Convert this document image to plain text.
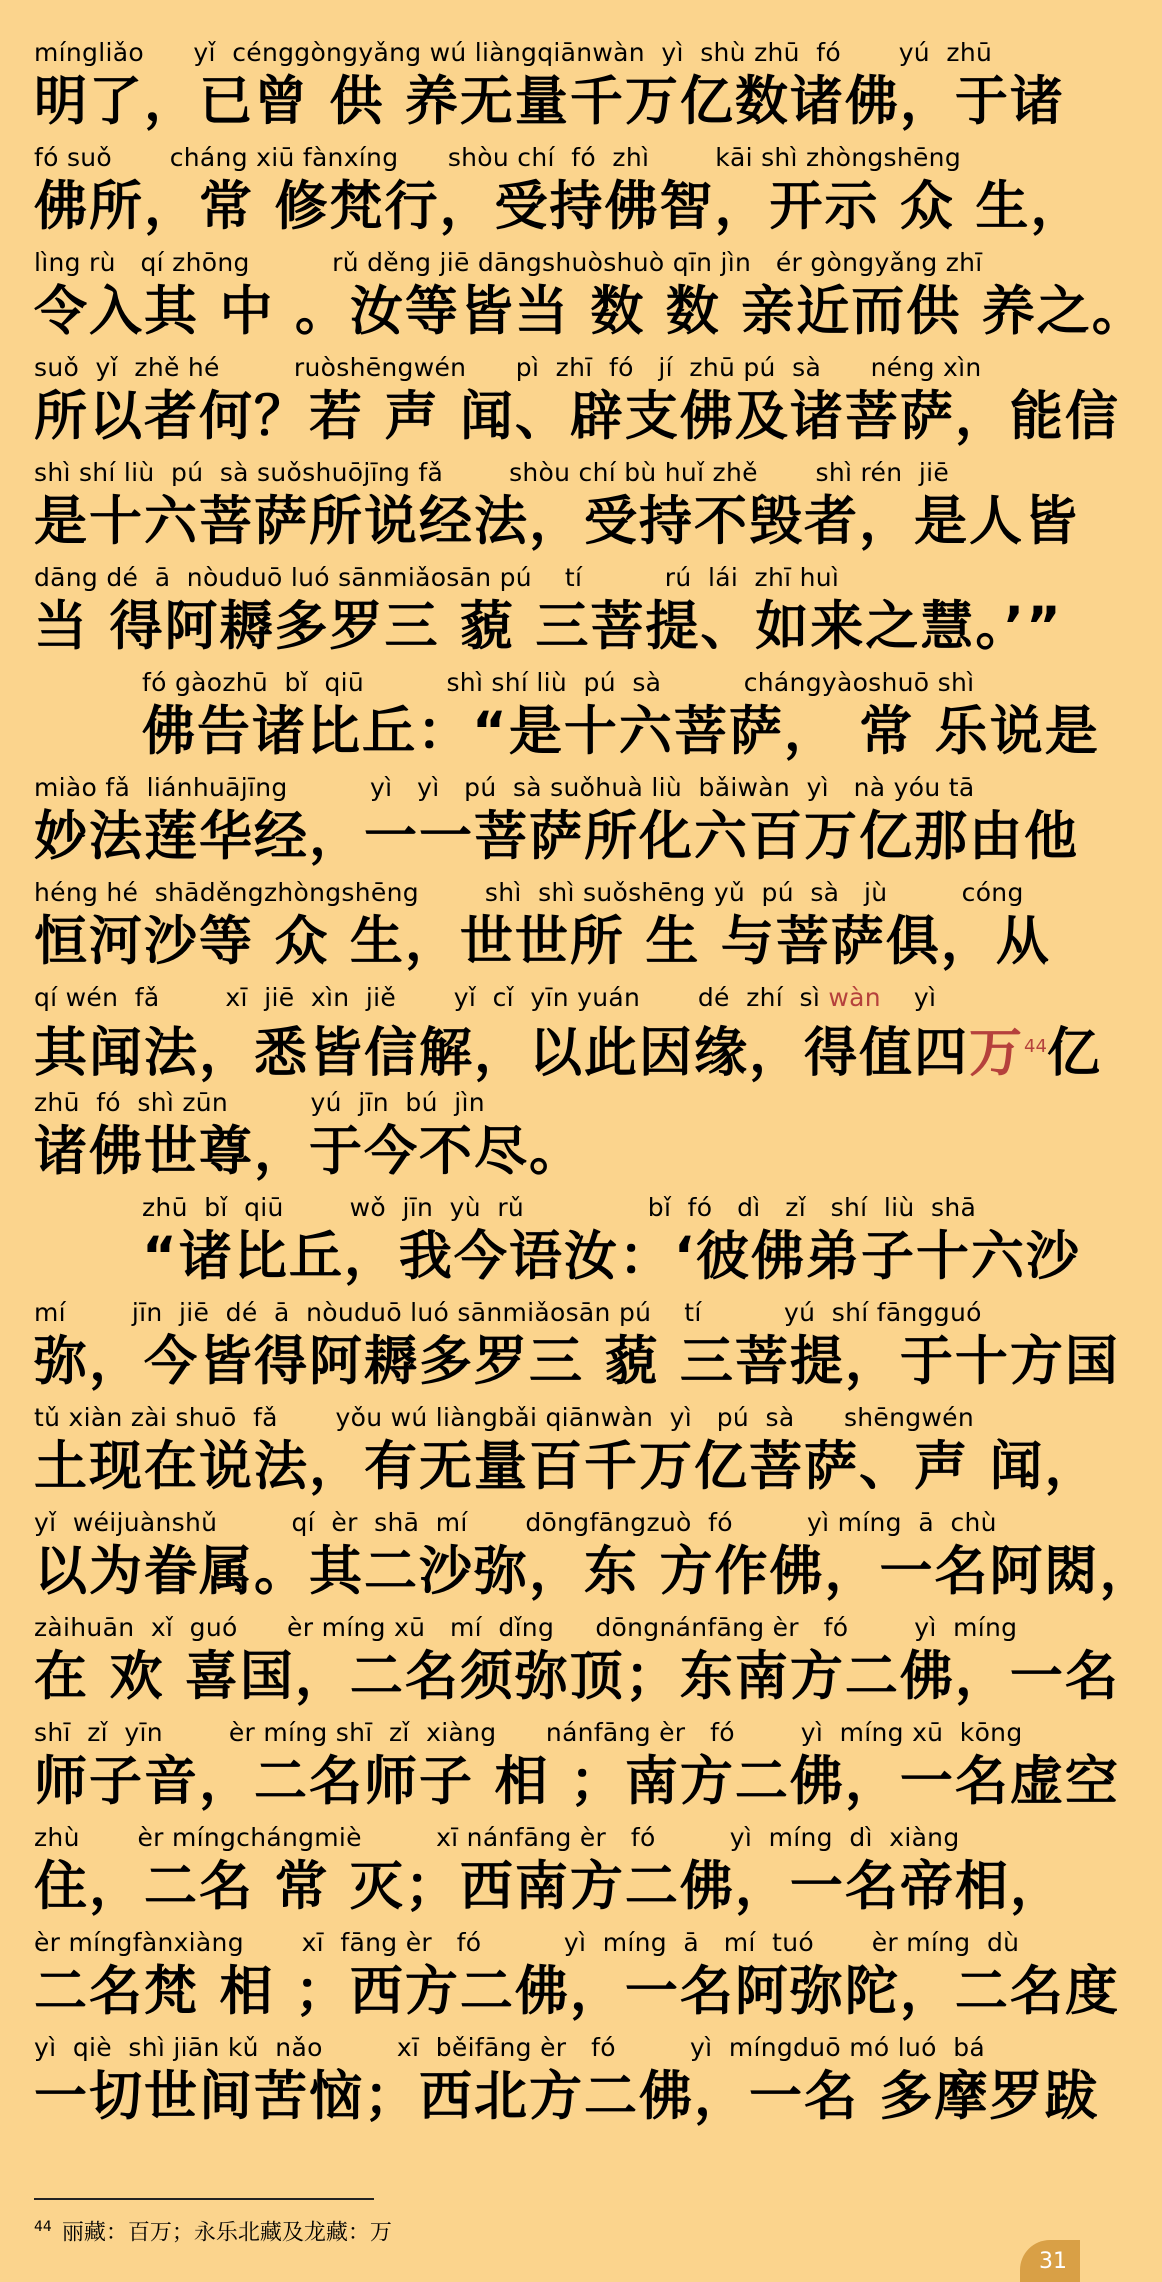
míngliǎo      yǐ  cénggòngyǎng wú liàngqiānwàn  yì  shù zhū  fó       yú  zhū
明了，已曾 供 养无量千万亿数诸佛，于诸
fó suǒ       cháng xiū fànxíng      shòu chí  fó  zhì        kāi shì zhòngshēng
佛所，常 修梵行，受持佛智，开示 众 生，
lìng rù   qí zhōng          rǔ děng jiē dāngshuòshuò qīn jìn   ér gòngyǎng zhī
令入其 中 。汝等皆当 数 数 亲近而供 养之。
suǒ  yǐ  zhě hé         ruòshēngwén      pì  zhī  fó   jí  zhū pú  sà      néng xìn
所以者何？若 声 闻、辟支佛及诸菩萨，能信
shì shí liù  pú  sà suǒshuōjīng fǎ        shòu chí bù huǐ zhě       shì rén  jiē
是十六菩萨所说经法，受持不毁者，是人皆
dāng dé  ā  nòuduō luó sānmiǎosān pú    tí          rú  lái  zhī huì
当 得阿耨多罗三 藐 三菩提、如来之慧。’”
fó gàozhū  bǐ  qiū          shì shí liù  pú  sà          chángyàoshuō shì
佛告诸比丘：“是十六菩萨， 常 乐说是
miào fǎ  liánhuājīng          yì   yì   pú  sà suǒhuà liù  bǎiwàn  yì   nà yóu tā
妙法莲华经，一一菩萨所化六百万亿那由他
héng hé  shāděngzhòngshēng        shì  shì suǒshēng yǔ  pú  sà   jù         cóng
恒河沙等 众 生，世世所 生 与菩萨俱，从
qí wén  fǎ        xī  jiē  xìn  jiě       yǐ  cǐ  yīn yuán       dé  zhí  sì wàn    yì
其闻法，悉皆信解，以此因缘，得值四万$^{44}$亿
zhū  fó  shì zūn          yú  jīn  bú  jìn
诸佛世尊，于今不尽。
zhū  bǐ  qiū        wǒ  jīn  yù  rǔ               bǐ  fó   dì   zǐ   shí  liù  shā
“诸比丘，我今语汝：‘彼佛弟子十六沙
mí        jīn  jiē  dé  ā  nòuduō luó sānmiǎosān pú    tí          yú  shí fāngguó
弥，今皆得阿耨多罗三 藐 三菩提，于十方国
tǔ xiàn zài shuō  fǎ       yǒu wú liàngbǎi qiānwàn  yì   pú  sà      shēngwén
土现在说法，有无量百千万亿菩萨、声 闻，
yǐ  wéijuànshǔ         qí  èr  shā  mí       dōngfāngzuò  fó         yì míng  ā  chù
以为眷属。其二沙弥，东 方作佛，一名阿閦，
zàihuān  xǐ  guó      èr míng xū   mí  dǐng     dōngnánfāng èr   fó        yì  míng
在 欢 喜国，二名须弥顶；东南方二佛，一名
shī  zǐ  yīn        èr míng shī  zǐ  xiàng      nánfāng èr   fó        yì  míng xū  kōng
师子音，二名师子 相 ；南方二佛，一名虚空
zhù       èr míngchángmiè         xī nánfāng èr   fó         yì  míng  dì  xiàng
住，二名 常 灭；西南方二佛，一名帝相，
èr míngfànxiàng       xī  fāng èr   fó          yì  míng  ā   mí  tuó       èr míng  dù
二名梵 相 ；西方二佛，一名阿弥陀，二名度
yì  qiè  shì jiān kǔ  nǎo         xī  běifāng èr   fó         yì  míngduō mó luó  bá
一切世间苦恼；西北方二佛，一名 多摩罗跋
$^{44}$ 丽藏：百万；永乐北藏及龙藏：万
31
